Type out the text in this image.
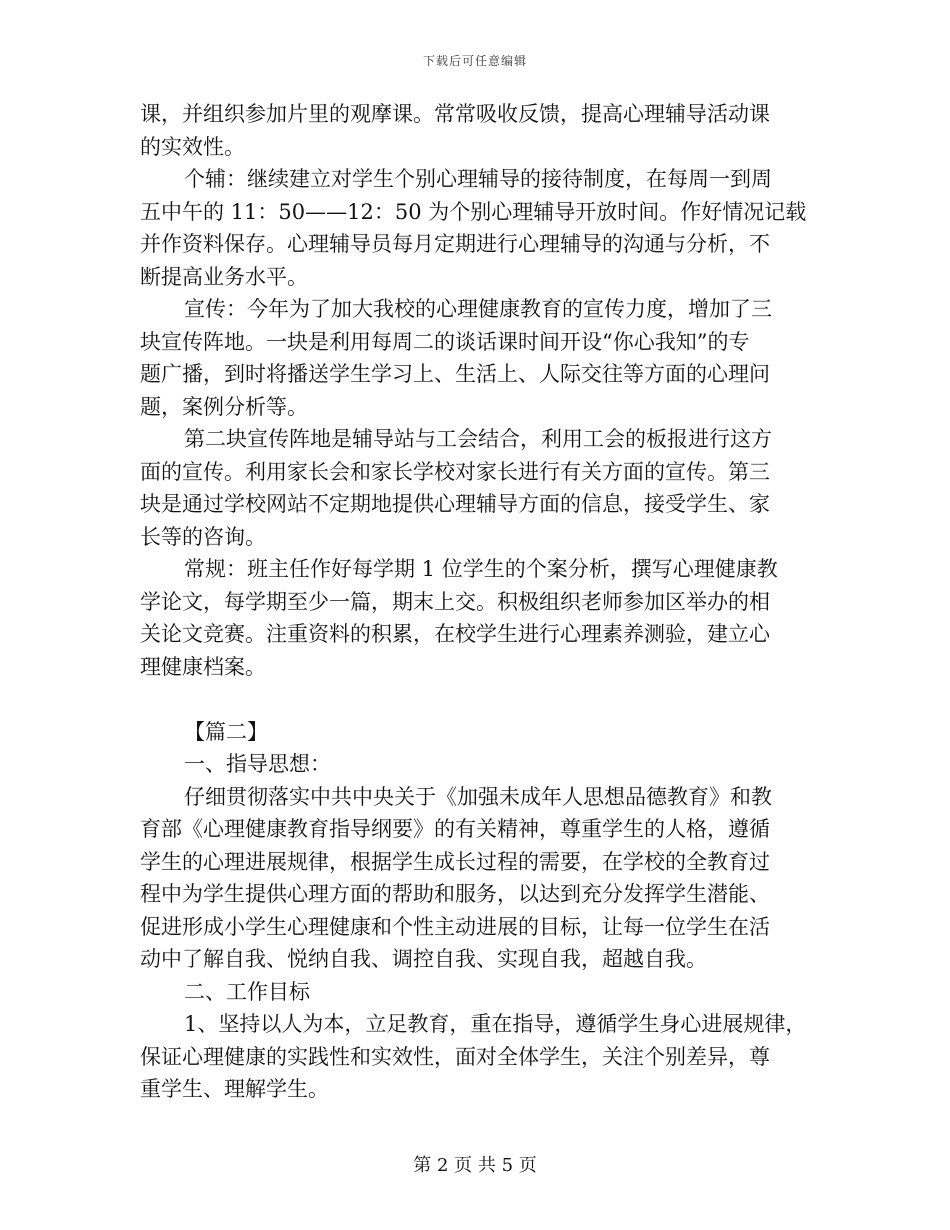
下载后可任意编辑
课，并组织参加片里的观摩课。常常吸收反馈，提高心理辅导活动课
的实效性。
个辅：继续建立对学生个别心理辅导的接待制度，在每周一到周
五中午的 11：50——12：50 为个别心理辅导开放时间。作好情况记载
并作资料保存。心理辅导员每月定期进行心理辅导的沟通与分析，不
断提高业务水平。
宣传：今年为了加大我校的心理健康教育的宣传力度，增加了三
块宣传阵地。一块是利用每周二的谈话课时间开设“你心我知”的专
题广播，到时将播送学生学习上、生活上、人际交往等方面的心理问
题，案例分析等。
第二块宣传阵地是辅导站与工会结合，利用工会的板报进行这方
面的宣传。利用家长会和家长学校对家长进行有关方面的宣传。第三
块是通过学校网站不定期地提供心理辅导方面的信息，接受学生、家
长等的咨询。
常规：班主任作好每学期 1 位学生的个案分析，撰写心理健康教
学论文，每学期至少一篇，期末上交。积极组织老师参加区举办的相
关论文竞赛。注重资料的积累，在校学生进行心理素养测验，建立心
理健康档案。
【篇二】
一、指导思想：
仔细贯彻落实中共中央关于《加强未成年人思想品德教育》和教
育部《心理健康教育指导纲要》的有关精神，尊重学生的人格，遵循
学生的心理进展规律，根据学生成长过程的需要，在学校的全教育过
程中为学生提供心理方面的帮助和服务，以达到充分发挥学生潜能、
促进形成小学生心理健康和个性主动进展的目标，让每一位学生在活
动中了解自我、悦纳自我、调控自我、实现自我，超越自我。
二、工作目标
1、坚持以人为本，立足教育，重在指导，遵循学生身心进展规律，
保证心理健康的实践性和实效性，面对全体学生，关注个别差异，尊
重学生、理解学生。
第 2 页 共 5 页
